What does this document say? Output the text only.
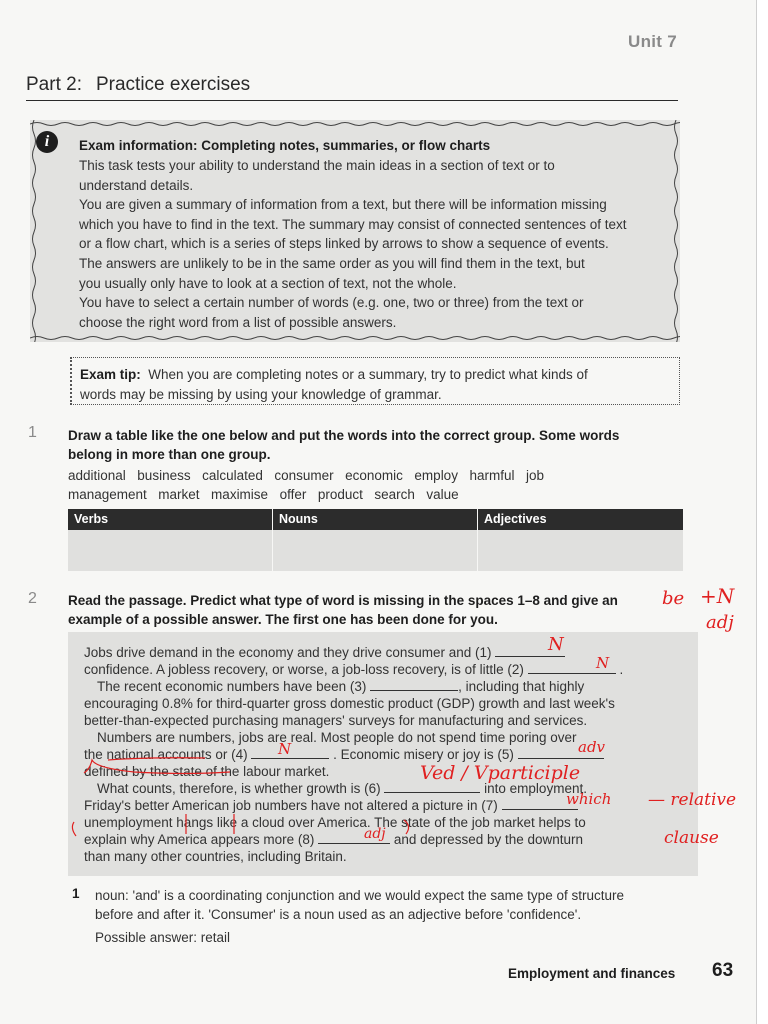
Unit 7
Part 2: Practice exercises
i	Exam information: Completing notes, summaries, or flow charts
This task tests your ability to understand the main ideas in a section of text or to
understand details.
You are given a summary of information from a text, but there will be information missing
which you have to find in the text. The summary may consist of connected sentences of text
or a flow chart, which is a series of steps linked by arrows to show a sequence of events.
The answers are unlikely to be in the same order as you will find them in the text, but
you usually only have to look at a section of text, not the whole.
You have to select a certain number of words (e.g. one, two or three) from the text or
choose the right word from a list of possible answers.
Exam tip: When you are completing notes or a summary, try to predict what kinds of
words may be missing by using your knowledge of grammar.
1 Draw a table like the one below and put the words into the correct group. Some words
belong in more than one group.
additional  business  calculated  consumer  economic  employ  harmful  job
management  market  maximise  offer  product  search  value
Verbs	Nouns	Adjectives
2 Read the passage. Predict what type of word is missing in the spaces 1–8 and give an
example of a possible answer. The first one has been done for you.
Jobs drive demand in the economy and they drive consumer and (1)
confidence. A jobless recovery, or worse, a job-loss recovery, is of little (2)	.
The recent economic numbers have been (3)	, including that highly
encouraging 0.8% for third-quarter gross domestic product (GDP) growth and last week's
better-than-expected purchasing managers' surveys for manufacturing and services.
Numbers are numbers, jobs are real. Most people do not spend time poring over
the national accounts or (4)	. Economic misery or joy is (5)
defined by the state of the labour market.
What counts, therefore, is whether growth is (6)	into employment.
Friday's better American job numbers have not altered a picture in (7)
unemployment hangs like a cloud over America. The state of the job market helps to
explain why America appears more (8)	and depressed by the downturn
than many other countries, including Britain.
N
N
N	adv
Ved / Vparticiple
which
adj
be +N
adj
— relative
clause
1 noun: 'and' is a coordinating conjunction and we would expect the same type of structure
before and after it. 'Consumer' is a noun used as an adjective before 'confidence'.
Possible answer: retail
Employment and finances 63
